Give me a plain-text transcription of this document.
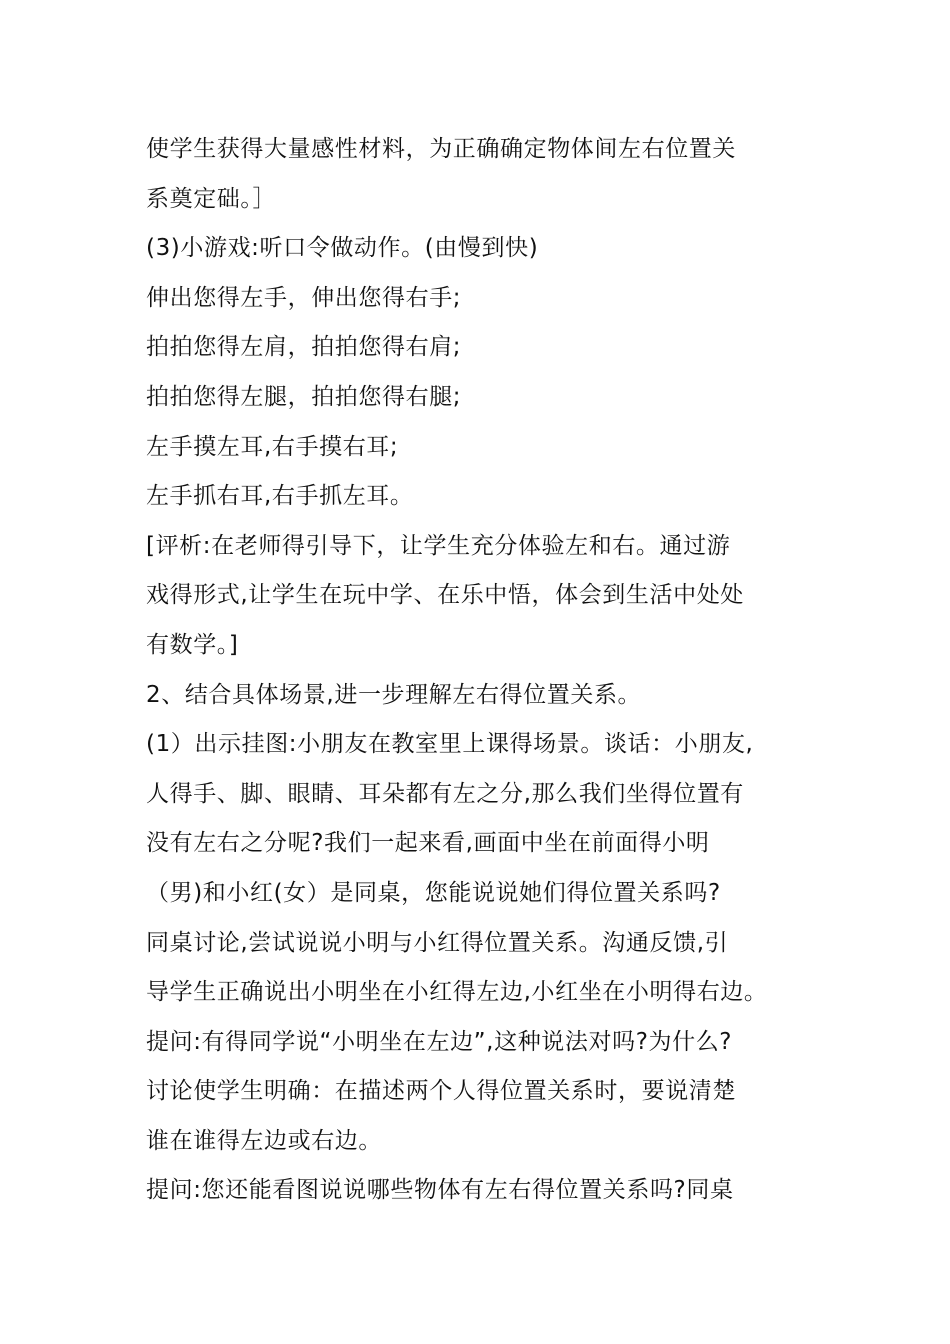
使学生获得大量感性材料，为正确确定物体间左右位置关
系奠定础。］
(3)小游戏:听口令做动作。(由慢到快)
伸出您得左手，伸出您得右手;
拍拍您得左肩，拍拍您得右肩;
拍拍您得左腿，拍拍您得右腿;
左手摸左耳,右手摸右耳;
左手抓右耳,右手抓左耳。
[评析:在老师得引导下，让学生充分体验左和右。通过游
戏得形式,让学生在玩中学、在乐中悟，体会到生活中处处
有数学。]
2、结合具体场景,进一步理解左右得位置关系。
(1）出示挂图:小朋友在教室里上课得场景。谈话：小朋友,
人得手、脚、眼睛、耳朵都有左之分,那么我们坐得位置有
没有左右之分呢?我们一起来看,画面中坐在前面得小明
（男)和小红(女）是同桌，您能说说她们得位置关系吗?
同桌讨论,尝试说说小明与小红得位置关系。沟通反馈,引
导学生正确说出小明坐在小红得左边,小红坐在小明得右边。
提问:有得同学说“小明坐在左边”,这种说法对吗?为什么?
讨论使学生明确：在描述两个人得位置关系时，要说清楚
谁在谁得左边或右边。
提问:您还能看图说说哪些物体有左右得位置关系吗?同桌
